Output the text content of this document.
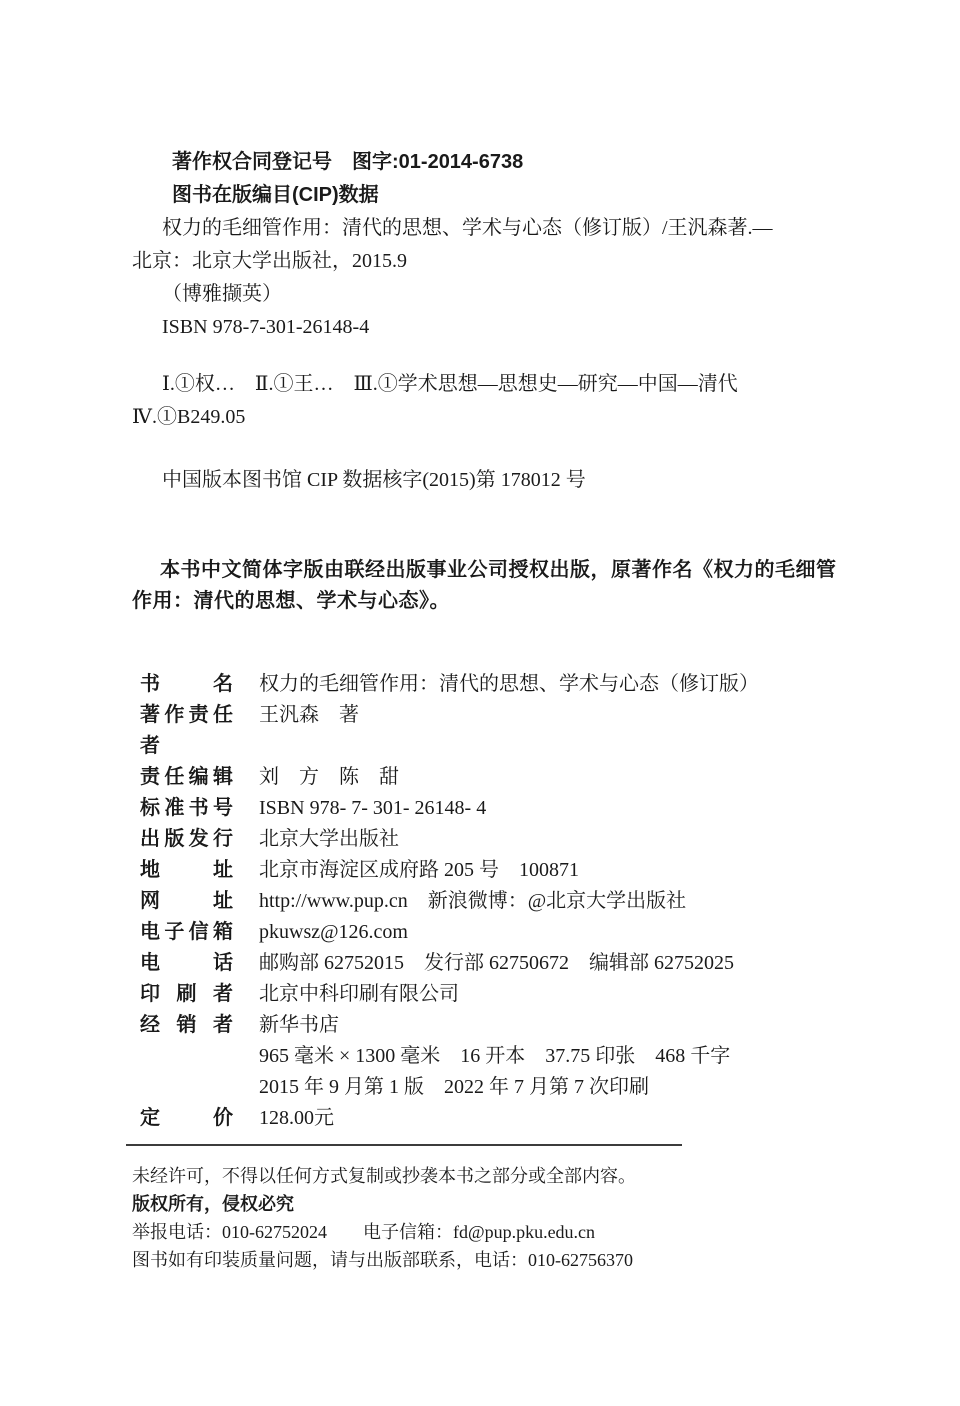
著作权合同登记号　图字:01-2014-6738

图书在版编目(CIP)数据

权力的毛细管作用：清代的思想、学术与心态（修订版）/王汎森著.—

北京：北京大学出版社，2015.9

（博雅撷英）

ISBN 978-7-301-26148-4

Ⅰ.①权…　Ⅱ.①王…　Ⅲ.①学术思想—思想史—研究—中国—清代

Ⅳ.①B249.05

中国版本图书馆 CIP 数据核字(2015)第 178012 号

本书中文简体字版由联经出版事业公司授权出版，原著作名《权力的毛细管作用：清代的思想、学术与心态》。

书名 权力的毛细管作用：清代的思想、学术与心态（修订版）
著作责任者
王汎森　著
责任编辑 刘　方　陈　甜
标准书号 ISBN 978- 7- 301- 26148- 4
出版发行 北京大学出版社
地址 北京市海淀区成府路 205 号　100871
网址 http://www.pup.cn　新浪微博：@北京大学出版社
电子信箱 pkuwsz@126.com
电话 邮购部 62752015　发行部 62750672　编辑部 62752025
印刷者 北京中科印刷有限公司
经销者 新华书店
965 毫米 × 1300 毫米　16 开本　37.75 印张　468 千字
2015 年 9 月第 1 版　2022 年 7 月第 7 次印刷
定价 128.00元

未经许可，不得以任何方式复制或抄袭本书之部分或全部内容。

版权所有，侵权必究

举报电话：010-62752024　　电子信箱：fd@pup.pku.edu.cn

图书如有印装质量问题，请与出版部联系，电话：010-62756370
